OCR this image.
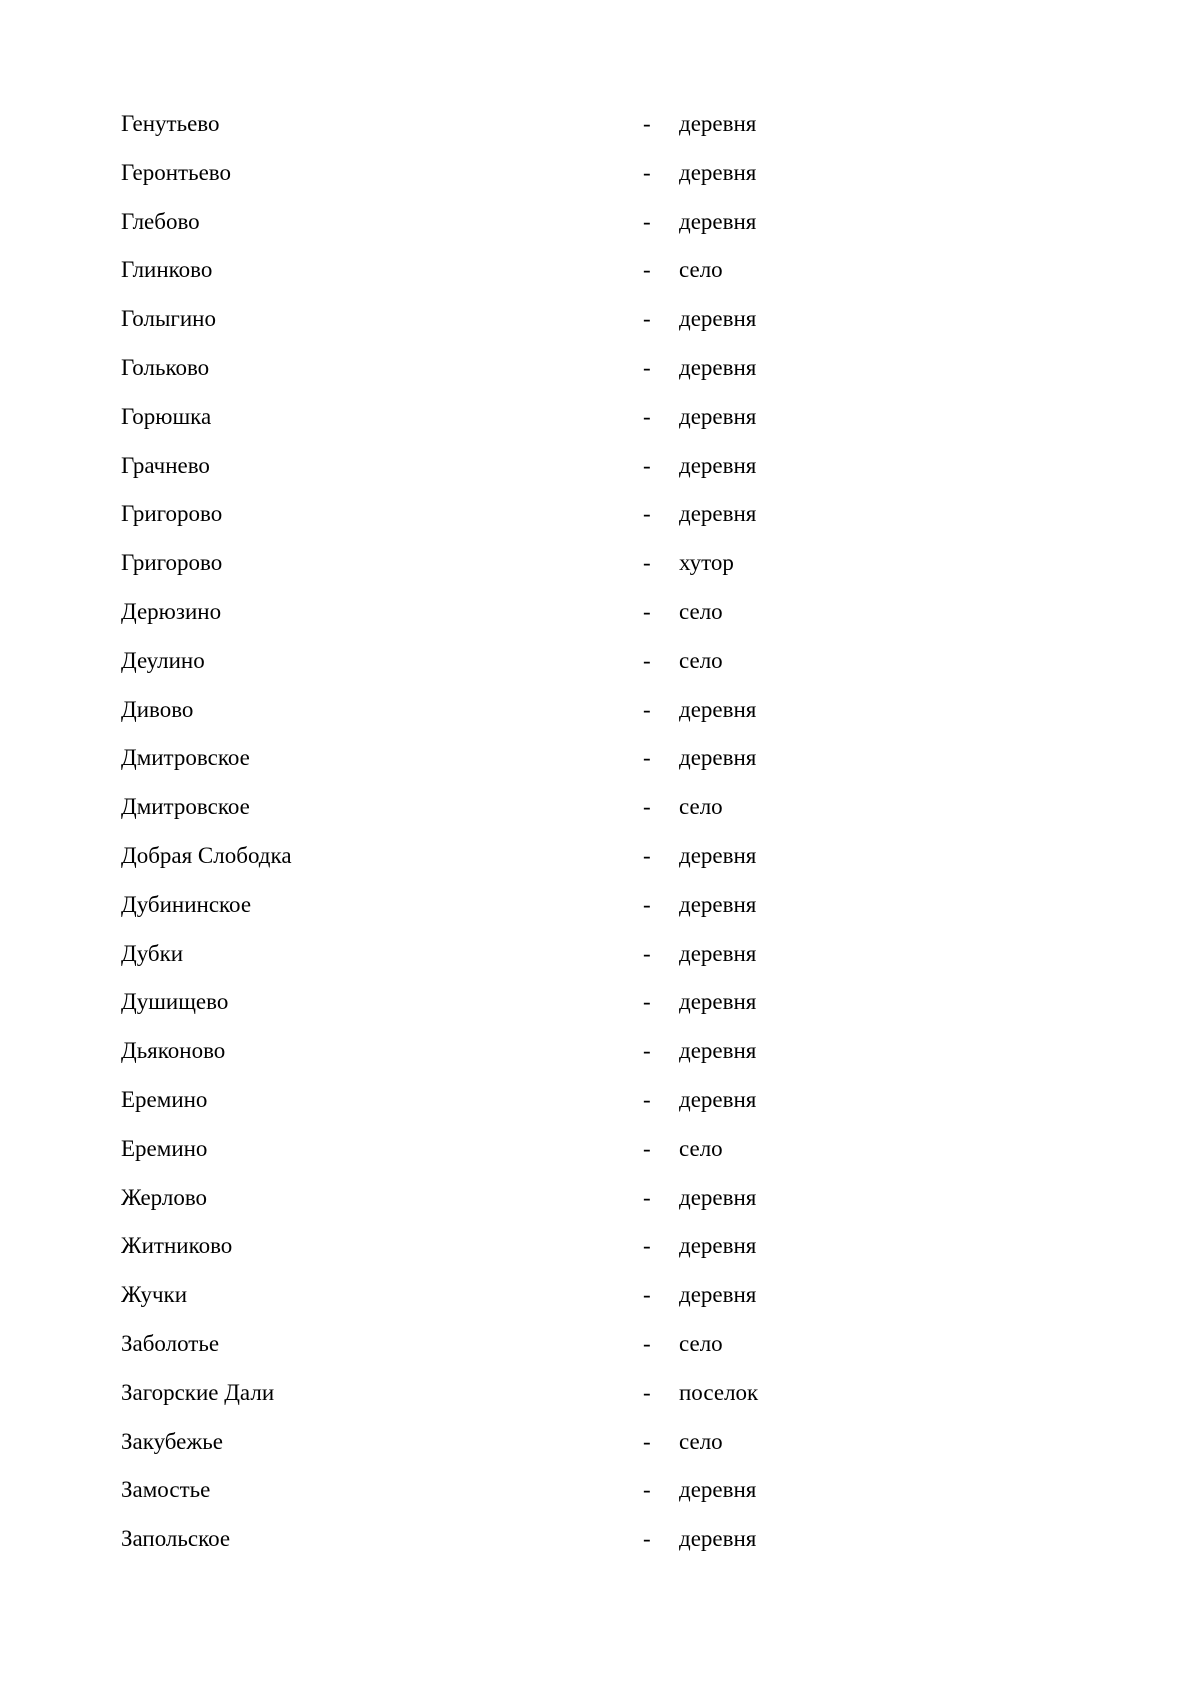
Генутьево	- деревня
Геронтьево	- деревня
Глебово	- деревня
Глинково	- село
Голыгино	- деревня
Гольково	- деревня
Горюшка	- деревня
Грачнево	- деревня
Григорово	- деревня
Григорово	- хутор
Дерюзино	- село
Деулино	- село
Дивово	- деревня
Дмитровское	- деревня
Дмитровское	- село
Добрая Слободка	- деревня
Дубининское	- деревня
Дубки	- деревня
Душищево	- деревня
Дьяконово	- деревня
Еремино	- деревня
Еремино	- село
Жерлово	- деревня
Житниково	- деревня
Жучки	- деревня
Заболотье	- село
Загорские Дали	- поселок
Закубежье	- село
Замостье	- деревня
Запольское	- деревня
